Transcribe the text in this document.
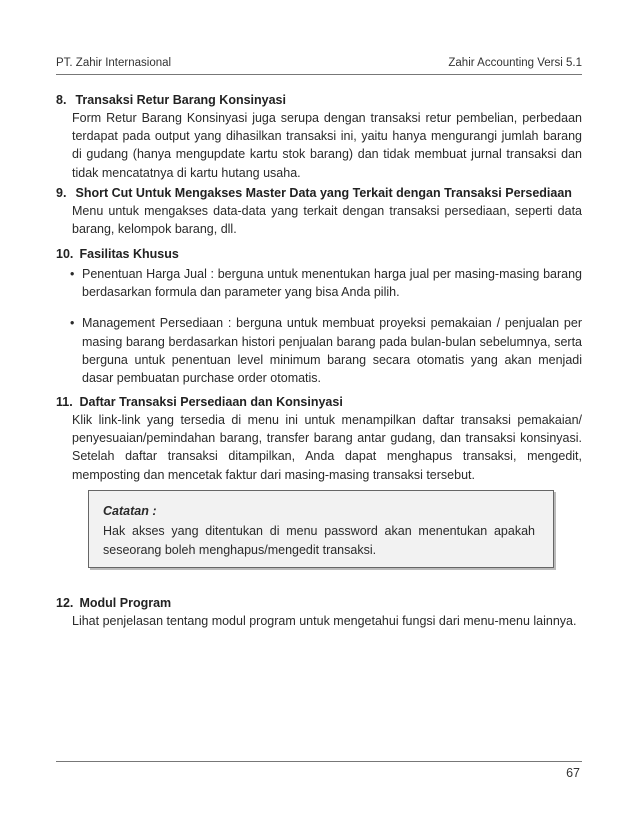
PT. Zahir Internasional	Zahir Accounting Versi 5.1
8. Transaksi Retur Barang Konsinyasi
Form Retur Barang Konsinyasi juga serupa dengan transaksi retur pembelian, perbedaan terdapat pada output yang dihasilkan transaksi ini, yaitu hanya mengurangi jumlah barang di gudang (hanya mengupdate kartu stok barang) dan tidak membuat jurnal transaksi dan tidak mencatatnya di kartu hutang usaha.
9. Short Cut Untuk Mengakses Master Data yang Terkait dengan Transaksi Persediaan
Menu untuk mengakses data-data yang terkait dengan transaksi persediaan, seperti data barang, kelompok barang, dll.
10. Fasilitas Khusus
• Penentuan Harga Jual : berguna untuk menentukan harga jual per masing-masing barang berdasarkan formula dan parameter yang bisa Anda pilih.
• Management Persediaan : berguna untuk membuat proyeksi pemakaian / penjualan per masing barang berdasarkan histori penjualan barang pada bulan-bulan sebelumnya, serta berguna untuk penentuan level minimum barang secara otomatis yang akan menjadi dasar pembuatan purchase order otomatis.
11. Daftar Transaksi Persediaan dan Konsinyasi
Klik link-link yang tersedia di menu ini untuk menampilkan daftar transaksi pemakaian/ penyesuaian/pemindahan barang, transfer barang antar gudang, dan transaksi konsinyasi. Setelah daftar transaksi ditampilkan, Anda dapat menghapus transaksi, mengedit, memposting dan mencetak faktur dari masing-masing transaksi tersebut.
Catatan :
Hak akses yang ditentukan di menu password akan menentukan apakah seseorang boleh menghapus/mengedit transaksi.
12. Modul Program
Lihat penjelasan tentang modul program untuk mengetahui fungsi dari menu-menu lainnya.
67
